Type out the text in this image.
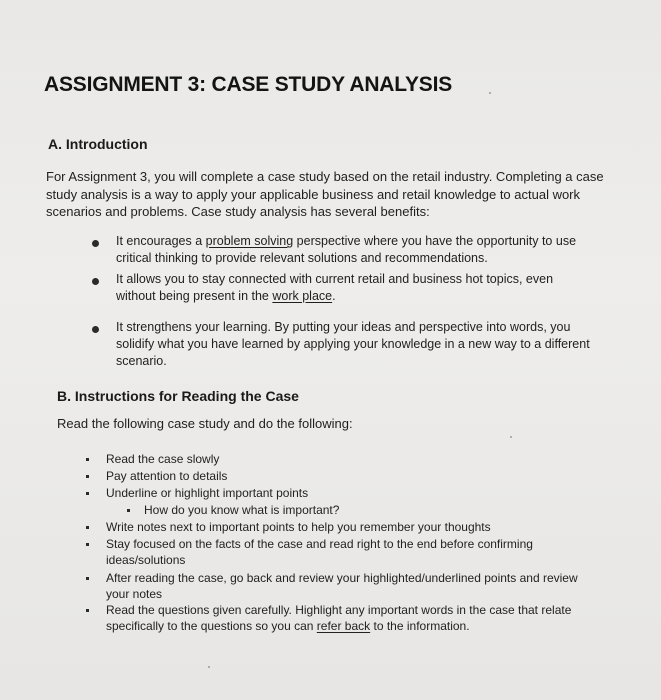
ASSIGNMENT 3: CASE STUDY ANALYSIS
A. Introduction
For Assignment 3, you will complete a case study based on the retail industry. Completing a case
study analysis is a way to apply your applicable business and retail knowledge to actual work
scenarios and problems. Case study analysis has several benefits:
It encourages a problem solving perspective where you have the opportunity to use
critical thinking to provide relevant solutions and recommendations.
It allows you to stay connected with current retail and business hot topics, even
without being present in the work place.
It strengthens your learning. By putting your ideas and perspective into words, you
solidify what you have learned by applying your knowledge in a new way to a different
scenario.
B. Instructions for Reading the Case
Read the following case study and do the following:
Read the case slowly
Pay attention to details
Underline or highlight important points
How do you know what is important?
Write notes next to important points to help you remember your thoughts
Stay focused on the facts of the case and read right to the end before confirming
ideas/solutions
After reading the case, go back and review your highlighted/underlined points and review
your notes
Read the questions given carefully. Highlight any important words in the case that relate
specifically to the questions so you can refer back to the information.
